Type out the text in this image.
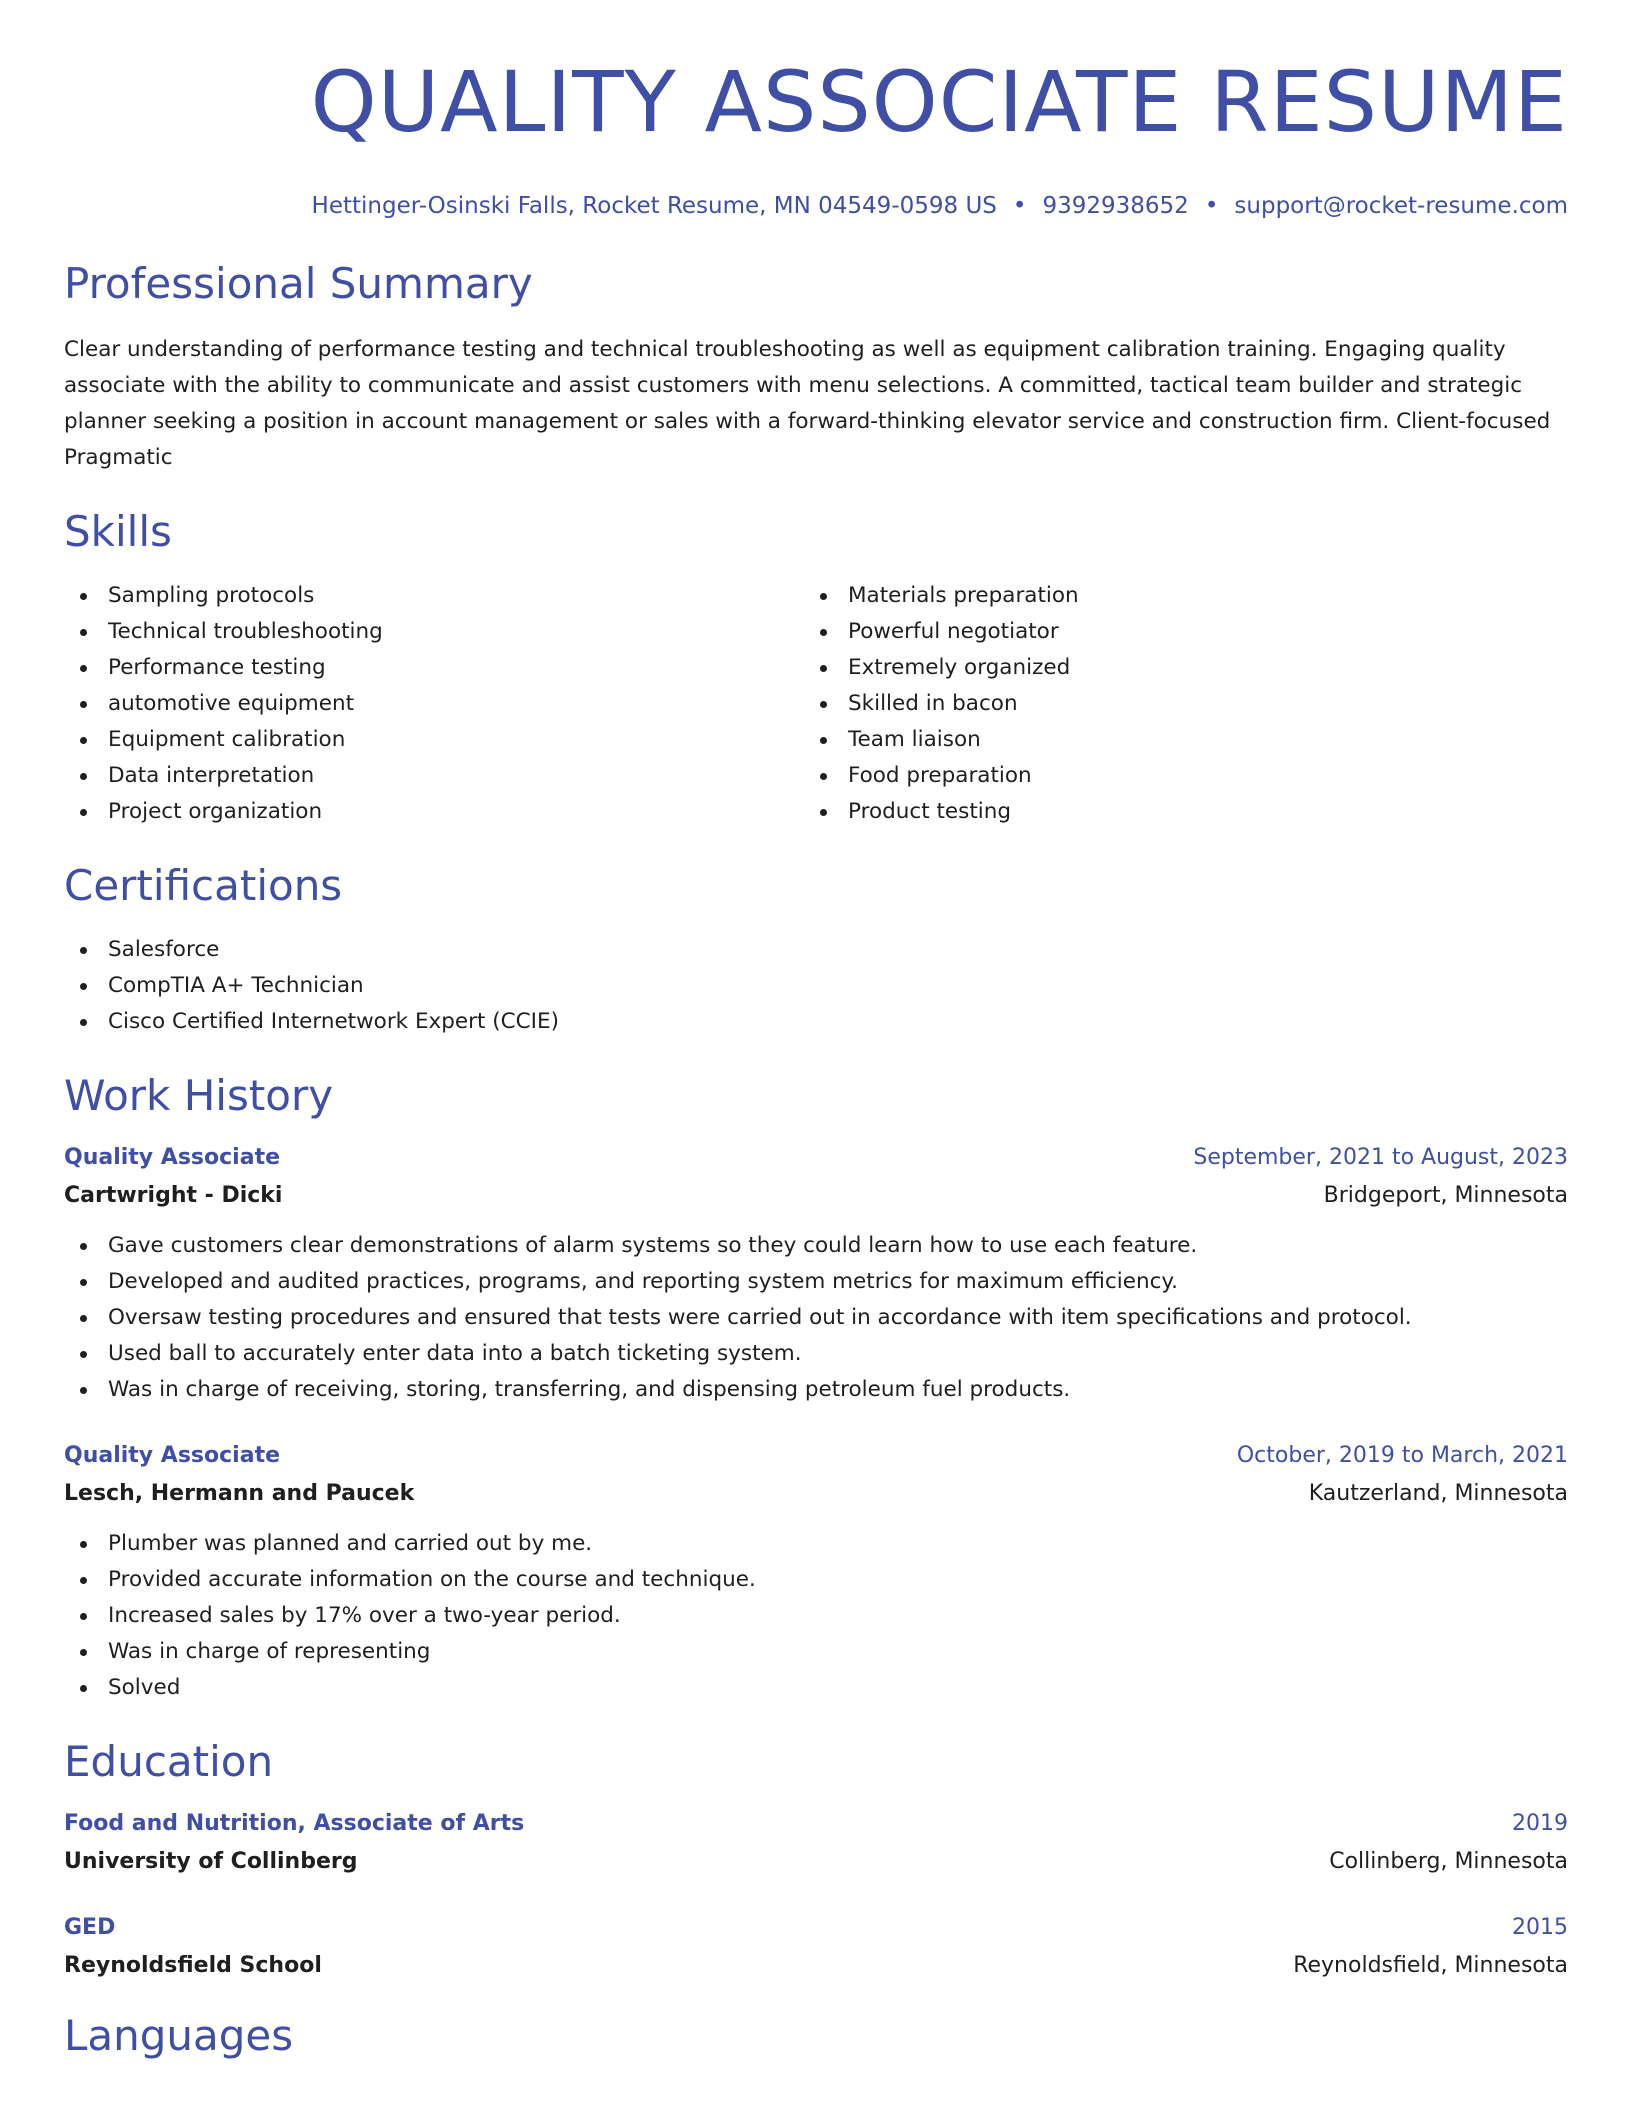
QUALITY ASSOCIATE RESUME
Hettinger-Osinski Falls, Rocket Resume, MN 04549-0598 US • 9392938652 • support@rocket-resume.com
Professional Summary

Clear understanding of performance testing and technical troubleshooting as well as equipment calibration training. Engaging quality associate with the ability to communicate and assist customers with menu selections. A committed, tactical team builder and strategic planner seeking a position in account management or sales with a forward-thinking elevator service and construction firm. Client-focused Pragmatic

Skills
Sampling protocols
Technical troubleshooting
Performance testing
automotive equipment
Equipment calibration
Data interpretation
Project organization
Materials preparation
Powerful negotiator
Extremely organized
Skilled in bacon
Team liaison
Food preparation
Product testing
Certifications
Salesforce
CompTIA A+ Technician
Cisco Certified Internetwork Expert (CCIE)
Work History
Quality Associate	September, 2021 to August, 2023
Cartwright - Dicki	Bridgeport, Minnesota
Gave customers clear demonstrations of alarm systems so they could learn how to use each feature.
Developed and audited practices, programs, and reporting system metrics for maximum efficiency.
Oversaw testing procedures and ensured that tests were carried out in accordance with item specifications and protocol.
Used ball to accurately enter data into a batch ticketing system.
Was in charge of receiving, storing, transferring, and dispensing petroleum fuel products.
Quality Associate	October, 2019 to March, 2021
Lesch, Hermann and Paucek	Kautzerland, Minnesota
Plumber was planned and carried out by me.
Provided accurate information on the course and technique.
Increased sales by 17% over a two-year period.
Was in charge of representing
Solved
Education
Food and Nutrition, Associate of Arts	2019
University of Collinberg	Collinberg, Minnesota
GED	2015
Reynoldsfield School	Reynoldsfield, Minnesota
Languages
